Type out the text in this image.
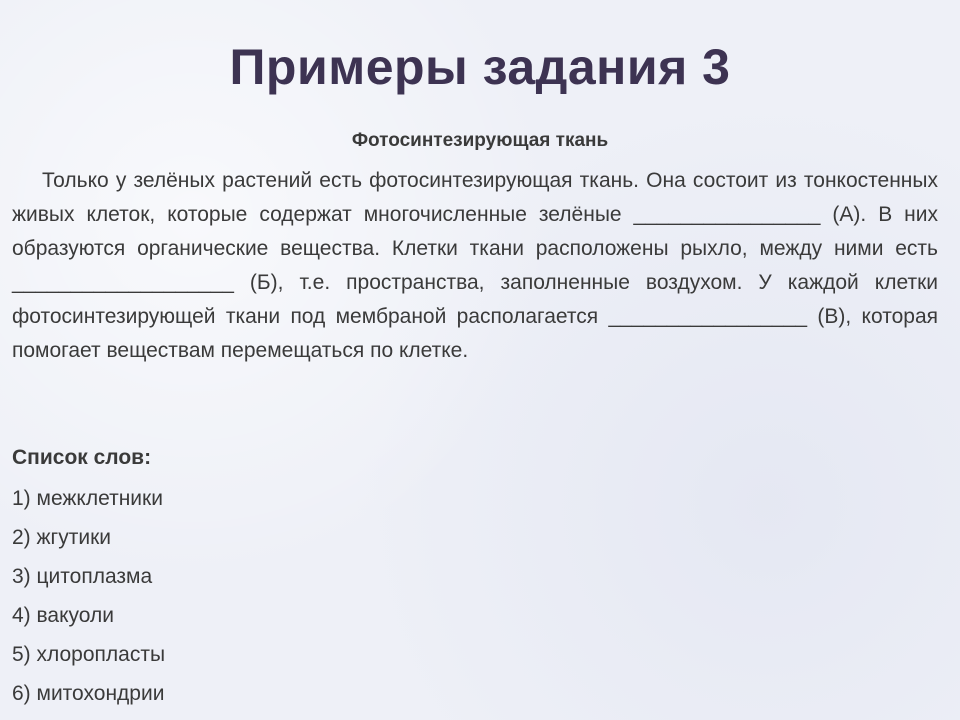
Примеры задания 3
Фотосинтезирующая ткань
Только у зелёных растений есть фотосинтезирующая ткань. Она состоит из тонкостенных живых клеток, которые содержат многочисленные зелёные ________________ (А). В них образуются органические вещества. Клетки ткани расположены рыхло, между ними есть ___________________ (Б), т.е. пространства, заполненные воздухом. У каждой клетки фотосинтезирующей ткани под мембраной располагается _________________ (В), которая помогает веществам перемещаться по клетке.
Список слов:
1) межклетники
2) жгутики
3) цитоплазма
4) вакуоли
5) хлоропласты
6) митохондрии
